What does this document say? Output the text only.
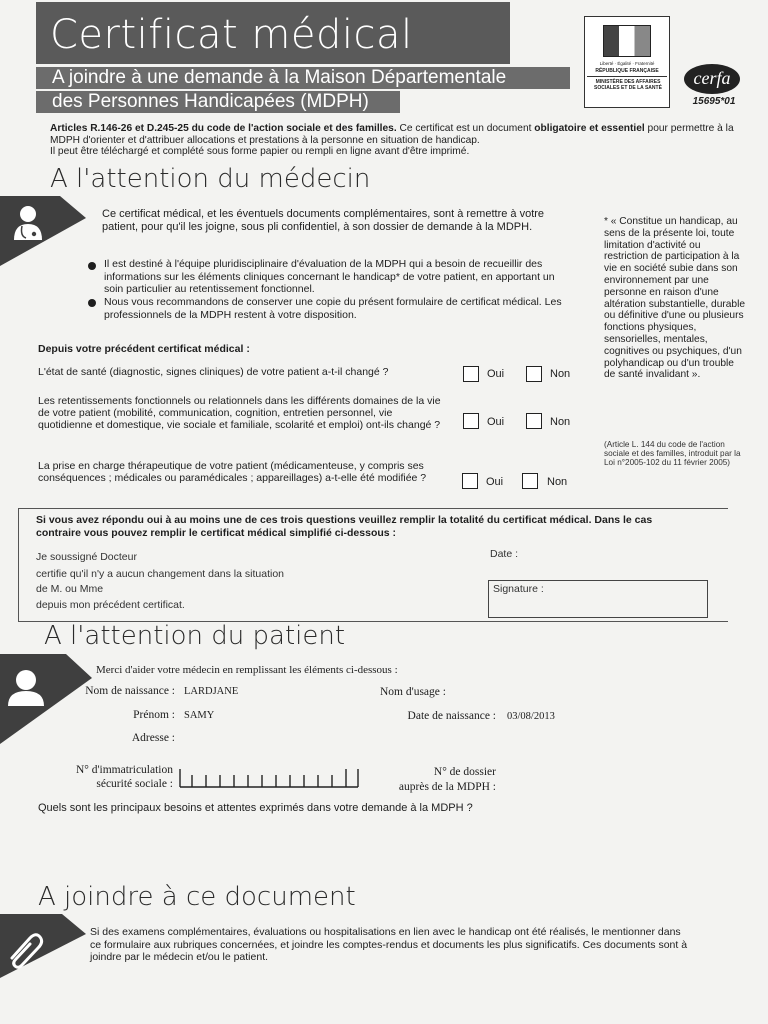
Certificat médical
A joindre à une demande à la Maison Départementale
des Personnes Handicapées (MDPH)
Liberté · Égalité · Fraternité
RÉPUBLIQUE FRANÇAISE
MINISTÈRE DES AFFAIRES SOCIALES ET DE LA SANTÉ	cerfa
15695*01
Articles R.146-26 et D.245-25 du code de l'action sociale et des familles. Ce certificat est un document obligatoire et essentiel pour permettre à la MDPH d'orienter et d'attribuer allocations et prestations à la personne en situation de handicap.
Il peut être téléchargé et complété sous forme papier ou rempli en ligne avant d'être imprimé.
A l'attention du médecin
Ce certificat médical, et les éventuels documents complémentaires, sont à remettre à votre patient, pour qu'il les joigne, sous pli confidentiel, à son dossier de demande à la MDPH.
Il est destiné à l'équipe pluridisciplinaire d'évaluation de la MDPH qui a besoin de recueillir des informations sur les éléments cliniques concernant le handicap* de votre patient, en apportant un soin particulier au retentissement fonctionnel.
Nous vous recommandons de conserver une copie du présent formulaire de certificat médical. Les professionnels de la MDPH restent à votre disposition.
* « Constitue un handicap, au sens de la présente loi, toute limitation d'activité ou restriction de participation à la vie en société subie dans son environnement par une personne en raison d'une altération substantielle, durable ou définitive d'une ou plusieurs fonctions physiques, sensorielles, mentales, cognitives ou psychiques, d'un polyhandicap ou d'un trouble de santé invalidant ».
(Article L. 144 du code de l'action sociale et des familles, introduit par la Loi n°2005-102 du 11 février 2005)
Depuis votre précédent certificat médical :
L'état de santé (diagnostic, signes cliniques) de votre patient a-t-il changé ?	Oui	Non
Les retentissements fonctionnels ou relationnels dans les différents domaines de la vie de votre patient (mobilité, communication, cognition, entretien personnel, vie quotidienne et domestique, vie sociale et familiale, scolarité et emploi) ont-ils changé ?	Oui	Non
La prise en charge thérapeutique de votre patient (médicamenteuse, y compris ses conséquences ; médicales ou paramédicales ; appareillages) a-t-elle été modifiée ?	Oui	Non
Si vous avez répondu oui à au moins une de ces trois questions veuillez remplir la totalité du certificat médical. Dans le cas contraire vous pouvez remplir le certificat médical simplifié ci-dessous :
Je soussigné Docteur
certifie qu'il n'y a aucun changement dans la situation
de M. ou Mme
depuis mon précédent certificat.
Date :
Signature :
A l'attention du patient
Merci d'aider votre médecin en remplissant les éléments ci-dessous :
Nom de naissance : LARDJANE	Nom d'usage :
Prénom : SAMY	Date de naissance : 03/08/2013
Adresse :
N° d'immatriculation
sécurité sociale :
N° de dossier
auprès de la MDPH :
Quels sont les principaux besoins et attentes exprimés dans votre demande à la MDPH ?
A joindre à ce document
Si des examens complémentaires, évaluations ou hospitalisations en lien avec le handicap ont été réalisés, le mentionner dans ce formulaire aux rubriques concernées, et joindre les comptes-rendus et documents les plus significatifs. Ces documents sont à joindre par le médecin et/ou le patient.
